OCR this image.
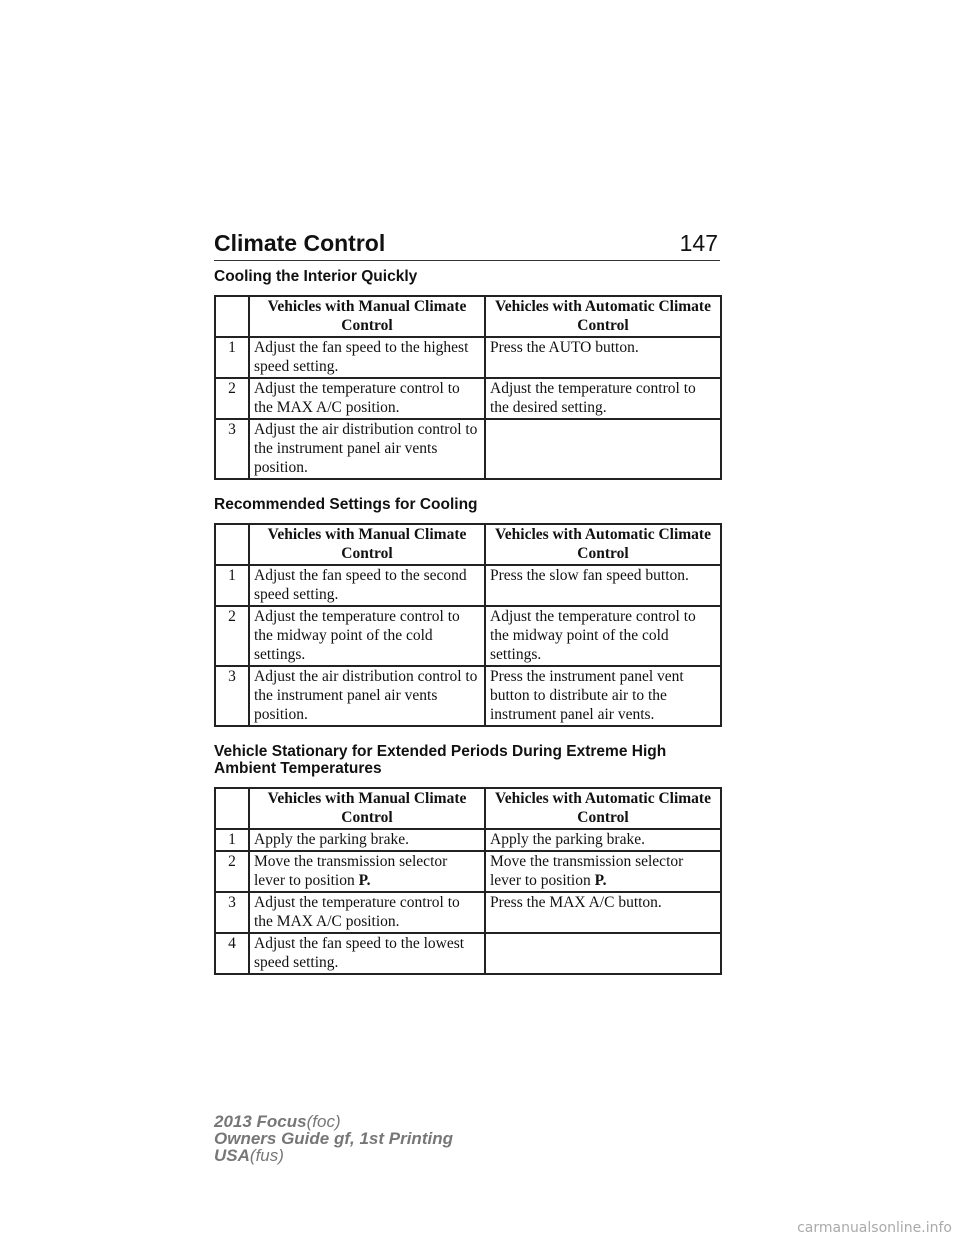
Climate Control	147
Cooling the Interior Quickly
	Vehicles with Manual Climate Control	Vehicles with Automatic Climate Control
1	Adjust the fan speed to the highest speed setting.	Press the AUTO button.
2	Adjust the temperature control to the MAX A/C position.	Adjust the temperature control to the desired setting.
3	Adjust the air distribution control to the instrument panel air vents position.	
Recommended Settings for Cooling
	Vehicles with Manual Climate Control	Vehicles with Automatic Climate Control
1	Adjust the fan speed to the second speed setting.	Press the slow fan speed button.
2	Adjust the temperature control to the midway point of the cold settings.	Adjust the temperature control to the midway point of the cold settings.
3	Adjust the air distribution control to the instrument panel air vents position.	Press the instrument panel vent button to distribute air to the instrument panel air vents.
Vehicle Stationary for Extended Periods During Extreme High Ambient Temperatures
	Vehicles with Manual Climate Control	Vehicles with Automatic Climate Control
1	Apply the parking brake.	Apply the parking brake.
2	Move the transmission selector lever to position P.	Move the transmission selector lever to position P.
3	Adjust the temperature control to the MAX A/C position.	Press the MAX A/C button.
4	Adjust the fan speed to the lowest speed setting.	
2013 Focus(foc)
Owners Guide gf, 1st Printing
USA(fus)
carmanualsonline.info
